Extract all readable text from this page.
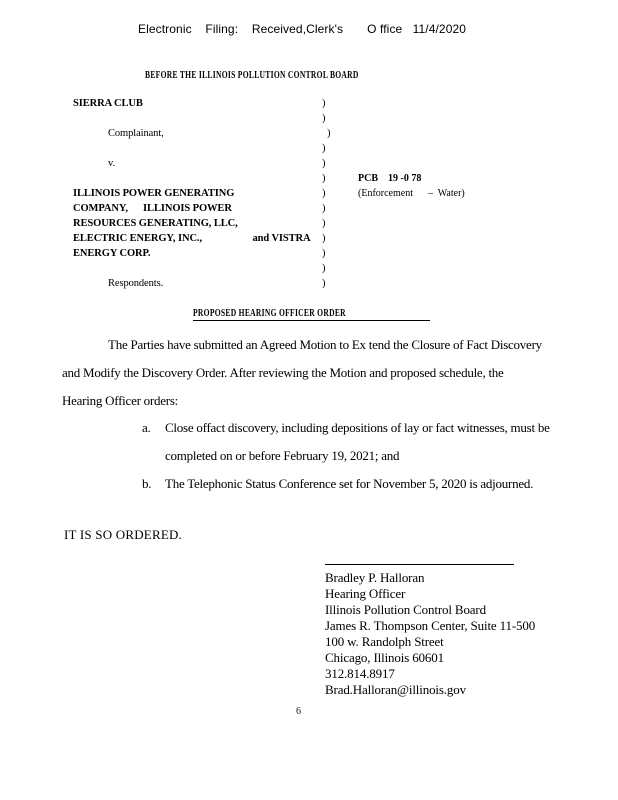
Electronic    Filing:    Received,Clerk's       O ffice   11/4/2020
BEFORE THE ILLINOIS POLLUTION CONTROL BOARD
SIERRA CLUB	)
)
Complainant,	)
)
v.	)
)
ILLINOIS POWER GENERATING	)
COMPANY,      ILLINOIS POWER	)
RESOURCES GENERATING, LLC,	)
ELECTRIC ENERGY, INC.,                    and VISTRA )
ENERGY CORP.	)
)
Respondents.	)
PCB    19 -0 78
(Enforcement      –  Water)
PROPOSED HEARING OFFICER ORDER
The Parties have submitted an Agreed Motion to Ex tend the Closure of Fact Discovery
and Modify the Discovery Order. After reviewing the Motion and proposed schedule, the
Hearing Officer orders:
a. Close offact discovery, including depositions of lay or fact witnesses, must be
completed on or before February 19, 2021; and
b. The Telephonic Status Conference set for November 5, 2020 is adjourned.
IT IS SO ORDERED.
Bradley P. Halloran
Hearing Officer
Illinois Pollution Control Board
James R. Thompson Center, Suite 11-500
100 w. Randolph Street
Chicago, Illinois 60601
312.814.8917
Brad.Halloran@illinois.gov
6
